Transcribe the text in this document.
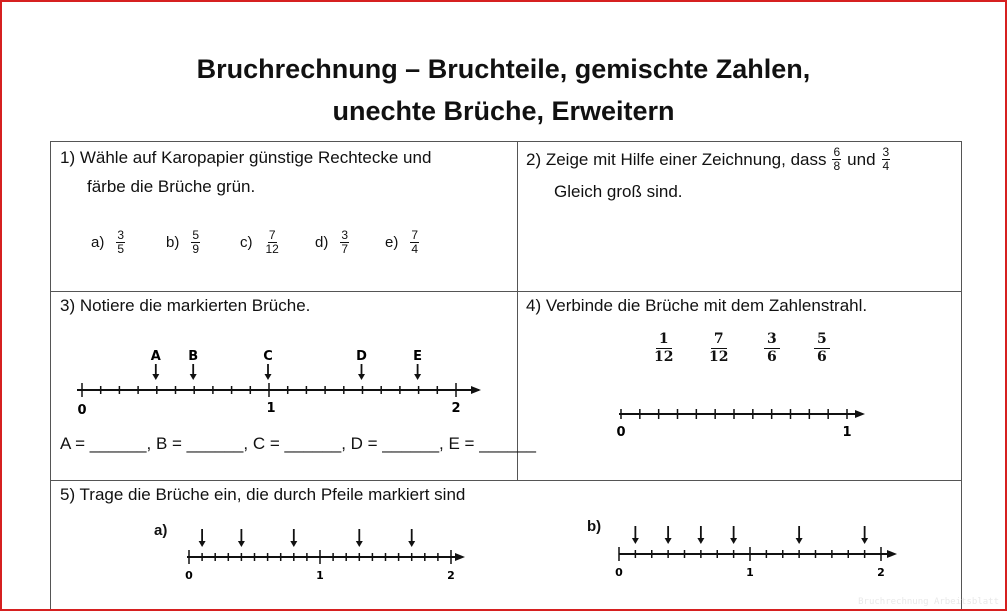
Bruchrechnung – Bruchteile, gemischte Zahlen,
unechte Brüche, Erweitern
1) Wähle auf Karopapier günstige Rechtecke und
färbe die Brüche grün.
$a) \frac{3}{5}$	$b) \frac{5}{9}$	$c) \frac{7}{12} d) \frac{3}{7} e) \frac{7}{4}$
2) Zeige mit Hilfe einer Zeichnung, dass $\frac{6}{8}$ und $\frac{3}{4}$
Gleich groß sind.
3) Notiere die markierten Brüche.
A B	C	D	E
0	1	2
A = ______, B = ______, C = ______, D = ______, E = ______
4) Verbinde die Brüche mit dem Zahlenstrahl.
$\frac{1}{12}$	$\frac{7}{12}$	$\frac{3}{6} \frac{5}{6}$
0	1
5) Trage die Brüche ein, die durch Pfeile markiert sind
a)
0	1	2
b)
0	1	2
Bruchrechnung Arbeitsblatt
